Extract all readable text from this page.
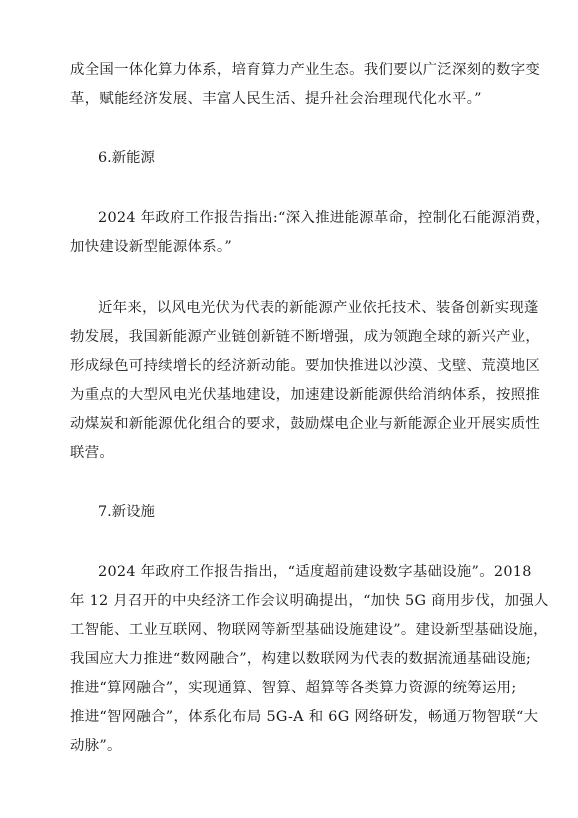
成全国一体化算力体系，培育算力产业生态。我们要以广泛深刻的数字变
革，赋能经济发展、丰富人民生活、提升社会治理现代化水平。”
6.新能源
2024 年政府工作报告指出:“深入推进能源革命，控制化石能源消费，
加快建设新型能源体系。”
近年来，以风电光伏为代表的新能源产业依托技术、装备创新实现蓬
勃发展，我国新能源产业链创新链不断增强，成为领跑全球的新兴产业，
形成绿色可持续增长的经济新动能。要加快推进以沙漠、戈壁、荒漠地区
为重点的大型风电光伏基地建设，加速建设新能源供给消纳体系，按照推
动煤炭和新能源优化组合的要求，鼓励煤电企业与新能源企业开展实质性
联营。
7.新设施
2024 年政府工作报告指出，“适度超前建设数字基础设施”。2018
年 12 月召开的中央经济工作会议明确提出，“加快 5G 商用步伐，加强人
工智能、工业互联网、物联网等新型基础设施建设”。建设新型基础设施，
我国应大力推进“数网融合”，构建以数联网为代表的数据流通基础设施;
推进“算网融合”，实现通算、智算、超算等各类算力资源的统筹运用;
推进“智网融合”，体系化布局 5G-A 和 6G 网络研发，畅通万物智联“大
动脉”。
